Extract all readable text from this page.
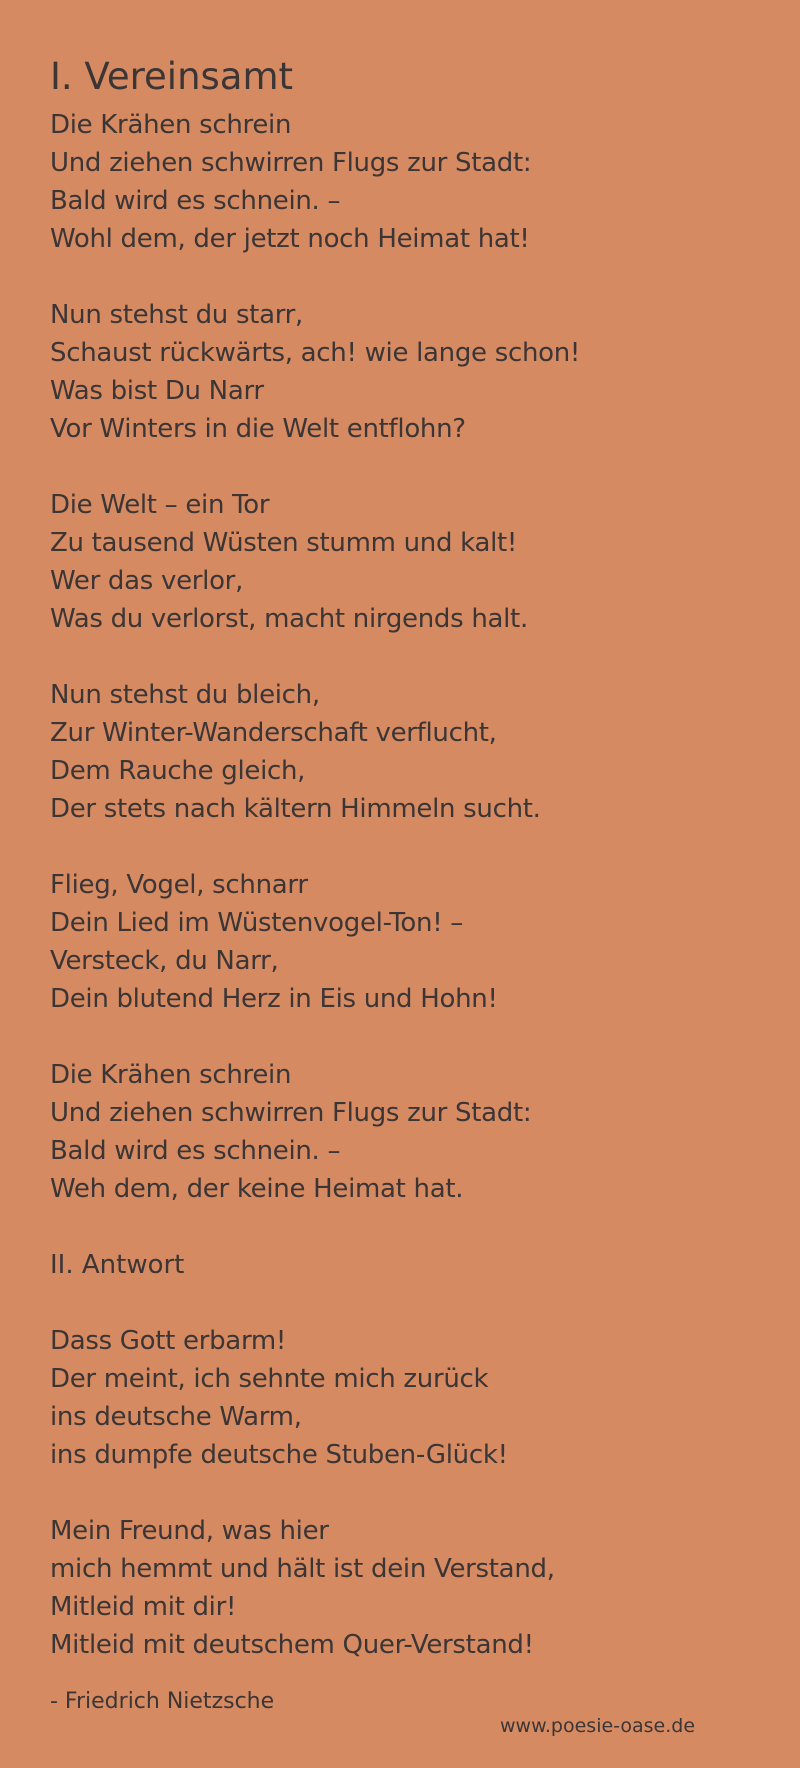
I. Vereinsamt
Die Krähen schrein
Und ziehen schwirren Flugs zur Stadt:
Bald wird es schnein. –
Wohl dem, der jetzt noch Heimat hat!
Nun stehst du starr,
Schaust rückwärts, ach! wie lange schon!
Was bist Du Narr
Vor Winters in die Welt entflohn?
Die Welt – ein Tor
Zu tausend Wüsten stumm und kalt!
Wer das verlor,
Was du verlorst, macht nirgends halt.
Nun stehst du bleich,
Zur Winter-Wanderschaft verflucht,
Dem Rauche gleich,
Der stets nach kältern Himmeln sucht.
Flieg, Vogel, schnarr
Dein Lied im Wüstenvogel-Ton! –
Versteck, du Narr,
Dein blutend Herz in Eis und Hohn!
Die Krähen schrein
Und ziehen schwirren Flugs zur Stadt:
Bald wird es schnein. –
Weh dem, der keine Heimat hat.
II. Antwort
Dass Gott erbarm!
Der meint, ich sehnte mich zurück
ins deutsche Warm,
ins dumpfe deutsche Stuben-Glück!
Mein Freund, was hier
mich hemmt und hält ist dein Verstand,
Mitleid mit dir!
Mitleid mit deutschem Quer-Verstand!
- Friedrich Nietzsche
www.poesie-oase.de
